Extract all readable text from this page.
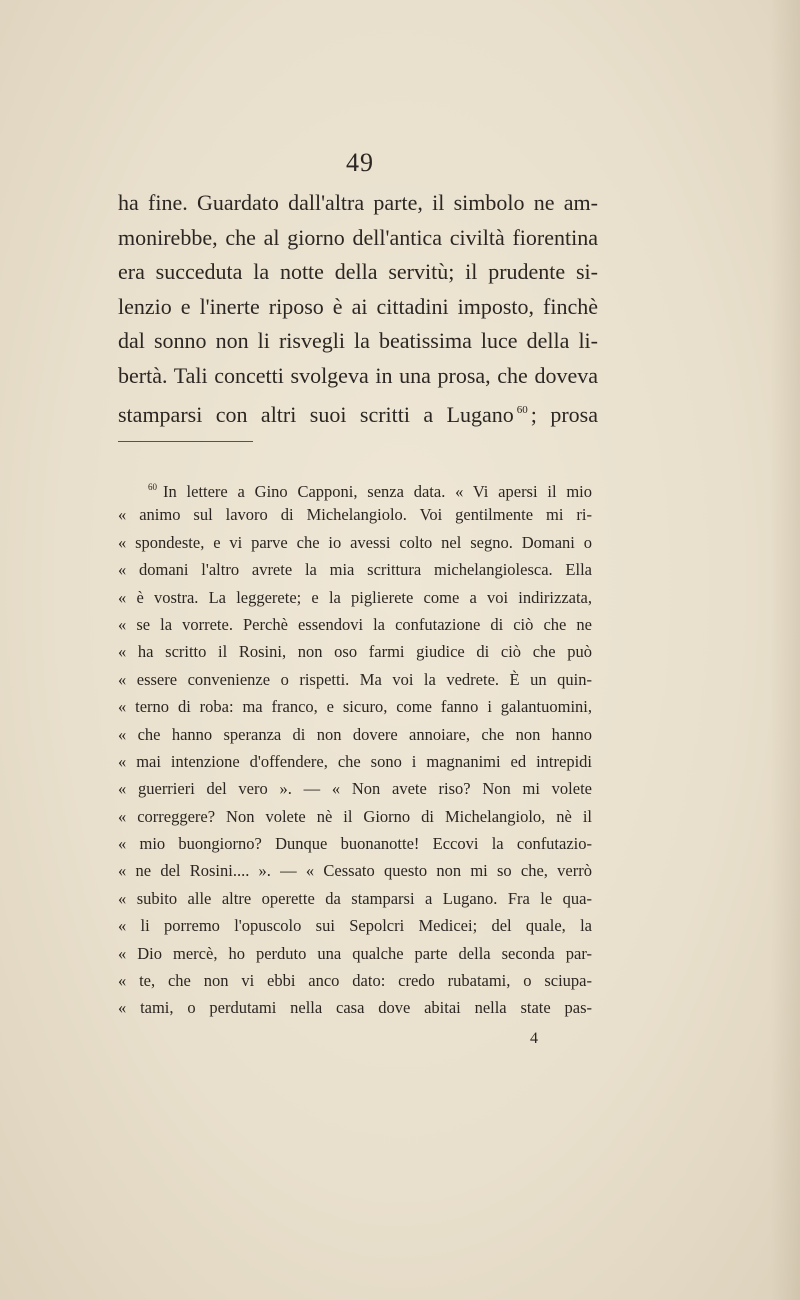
49
ha fine. Guardato dall'altra parte, il simbolo ne am-
monirebbe, che al giorno dell'antica civiltà fiorentina
era succeduta la notte della servitù; il prudente si-
lenzio e l'inerte riposo è ai cittadini imposto, finchè
dal sonno non li risvegli la beatissima luce della li-
bertà. Tali concetti svolgeva in una prosa, che doveva
stamparsi con altri suoi scritti a Lugano $^{60}$ ; prosa
$^{60}$ In lettere a Gino Capponi, senza data. « Vi apersi il mio
« animo sul lavoro di Michelangiolo. Voi gentilmente mi ri-
« spondeste, e vi parve che io avessi colto nel segno. Domani o
« domani l'altro avrete la mia scrittura michelangiolesca. Ella
« è vostra. La leggerete; e la piglierete come a voi indirizzata,
« se la vorrete. Perchè essendovi la confutazione di ciò che ne
« ha scritto il Rosini, non oso farmi giudice di ciò che può
« essere convenienze o rispetti. Ma voi la vedrete. È un quin-
« terno di roba: ma franco, e sicuro, come fanno i galantuomini,
« che hanno speranza di non dovere annoiare, che non hanno
« mai intenzione d'offendere, che sono i magnanimi ed intrepidi
« guerrieri del vero ». — « Non avete riso? Non mi volete
« correggere? Non volete nè il Giorno di Michelangiolo, nè il
« mio buongiorno? Dunque buonanotte! Eccovi la confutazio-
« ne del Rosini.... ». — « Cessato questo non mi so che, verrò
« subito alle altre operette da stamparsi a Lugano. Fra le qua-
« li porremo l'opuscolo sui Sepolcri Medicei; del quale, la
« Dio mercè, ho perduto una qualche parte della seconda par-
« te, che non vi ebbi anco dato: credo rubatami, o sciupa-
« tami, o perdutami nella casa dove abitai nella state pas-
4
